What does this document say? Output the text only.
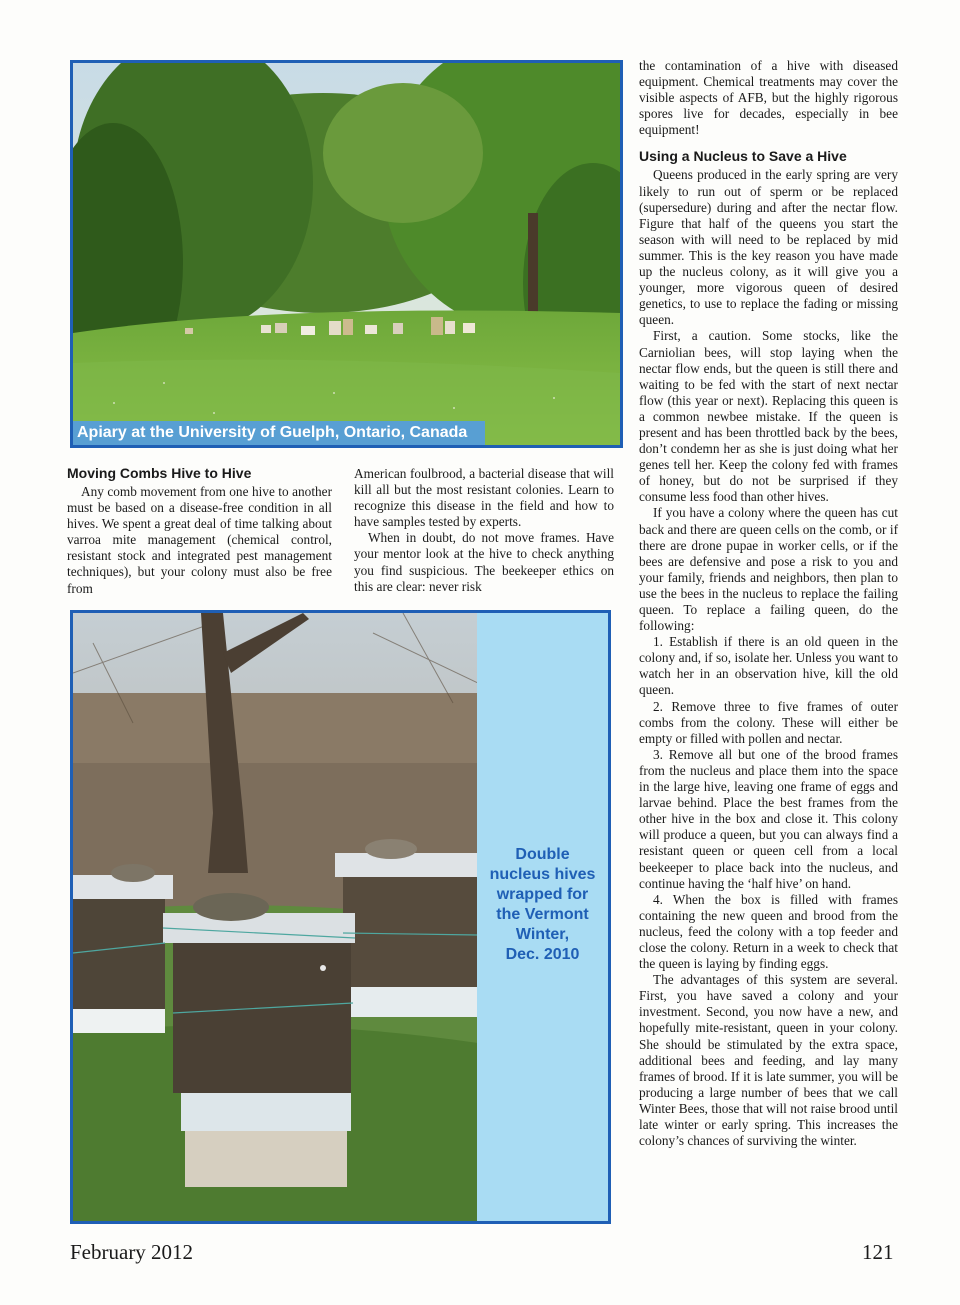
Apiary at the University of Guelph, Ontario, Canada
Double
nucleus hives
wrapped for
the Vermont
Winter,
Dec. 2010
Moving Combs Hive to Hive

Any comb movement from one hive to another must be based on a disease-free condition in all hives. We spent a great deal of time talking about varroa mite management (chemical control, resistant stock and integrated pest management techniques), but your colony must also be free from

American foulbrood, a bacterial disease that will kill all but the most resistant colonies. Learn to recognize this disease in the field and how to have samples tested by experts.

When in doubt, do not move frames. Have your mentor look at the hive to check anything you find suspicious. The beekeeper ethics on this are clear: never risk

the contamination of a hive with diseased equipment. Chemical treatments may cover the visible aspects of AFB, but the highly rigorous spores live for decades, especially in bee equipment!

Using a Nucleus to Save a Hive

Queens produced in the early spring are very likely to run out of sperm or be replaced (supersedure) during and after the nectar flow. Figure that half of the queens you start the season with will need to be replaced by mid summer. This is the key reason you have made up the nucleus colony, as it will give you a younger, more vigorous queen of desired genetics, to use to replace the fading or missing queen.

First, a caution. Some stocks, like the Carniolian bees, will stop laying when the nectar flow ends, but the queen is still there and waiting to be fed with the start of next nectar flow (this year or next). Replacing this queen is a common newbee mistake. If the queen is present and has been throttled back by the bees, don’t condemn her as she is just doing what her genes tell her. Keep the colony fed with frames of honey, but do not be surprised if they consume less food than other hives.

If you have a colony where the queen has cut back and there are queen cells on the comb, or if there are drone pupae in worker cells, or if the bees are defensive and pose a risk to you and your family, friends and neighbors, then plan to use the bees in the nucleus to replace the failing queen. To replace a failing queen, do the following:

1. Establish if there is an old queen in the colony and, if so, isolate her. Unless you want to watch her in an observation hive, kill the old queen.

2. Remove three to five frames of outer combs from the colony. These will either be empty or filled with pollen and nectar.

3. Remove all but one of the brood frames from the nucleus and place them into the space in the large hive, leaving one frame of eggs and larvae behind. Place the best frames from the other hive in the box and close it. This colony will produce a queen, but you can always find a resistant queen or queen cell from a local beekeeper to place back into the nucleus, and continue having the ‘half hive’ on hand.

4. When the box is filled with frames containing the new queen and brood from the nucleus, feed the colony with a top feeder and close the colony. Return in a week to check that the queen is laying by finding eggs.

The advantages of this system are several. First, you have saved a colony and your investment. Second, you now have a new, and hopefully mite-resistant, queen in your colony. She should be stimulated by the extra space, additional bees and feeding, and lay many frames of brood. If it is late summer, you will be producing a large number of bees that we call Winter Bees, those that will not raise brood until late winter or early spring. This increases the colony’s chances of surviving the winter.

February 2012	121
